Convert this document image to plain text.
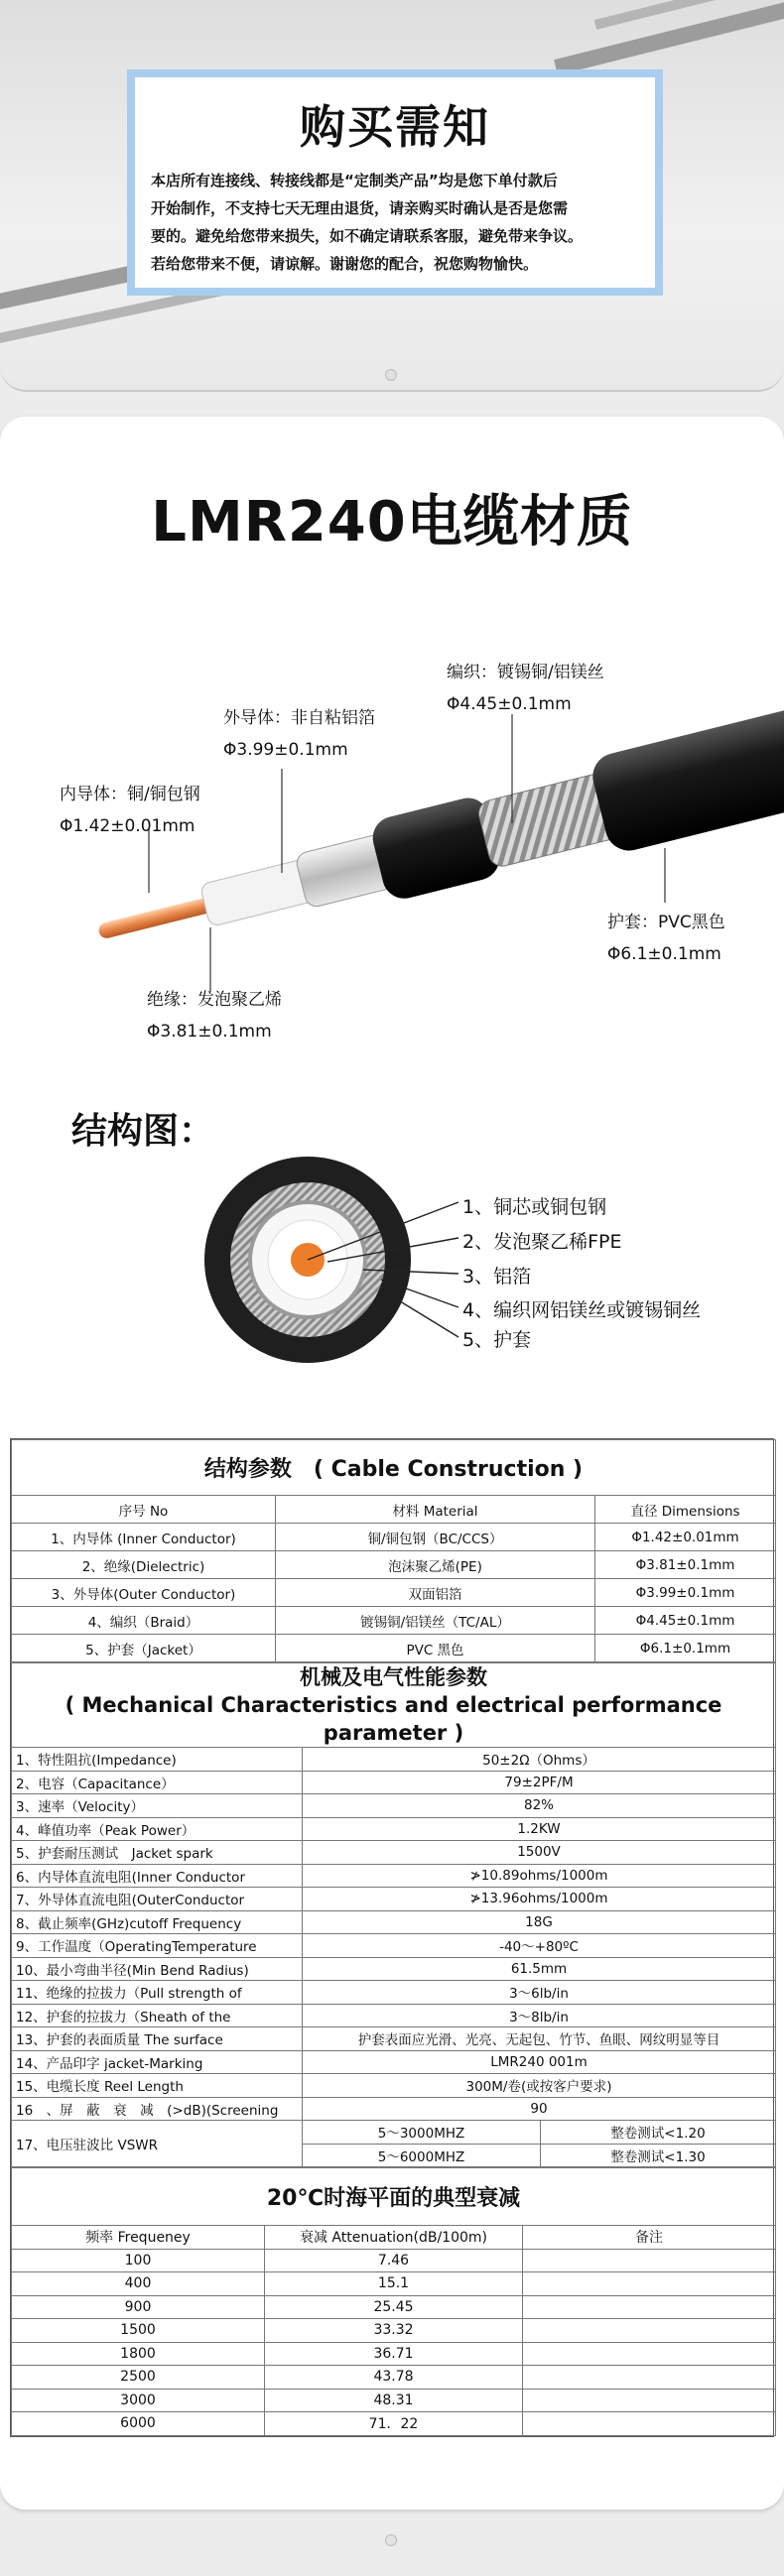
购买需知
本店所有连接线、转接线都是“定制类产品”均是您下单付款后
开始制作，不支持七天无理由退货，请亲购买时确认是否是您需
要的。避免给您带来损失，如不确定请联系客服，避免带来争议。
若给您带来不便，请谅解。谢谢您的配合，祝您购物愉快。
LMR240电缆材质
编织：镀锡铜/铝镁丝
Φ4.45±0.1mm
外导体：非自粘铝箔
Φ3.99±0.1mm
内导体：铜/铜包钢
Φ1.42±0.01mm
护套：PVC黑色
Φ6.1±0.1mm
绝缘：发泡聚乙烯
Φ3.81±0.1mm
结构图：
1、铜芯或铜包钢
2、发泡聚乙稀FPE
3、铝箔
4、编织网铝镁丝或镀锡铜丝
5、护套
结构参数　( Cable Construction )		
序号 No	材料 Material	直径 Dimensions
1、内导体 (Inner Conductor)	铜/铜包钢（BC/CCS）	Φ1.42±0.01mm
2、绝缘(Dielectric)	泡沫聚乙烯(PE)	Φ3.81±0.1mm
3、外导体(Outer Conductor)	双面铝箔	Φ3.99±0.1mm
4、编织（Braid）	镀锡铜/铝镁丝（TC/AL）	Φ4.45±0.1mm
5、护套（Jacket）	PVC 黑色	Φ6.1±0.1mm
机械及电气性能参数
( Mechanical Characteristics and electrical performance parameter )		

1、特性阻抗(Impedance)	50±2Ω（Ohms）	
2、电容（Capacitance）	79±2PF/M	
3、速率（Velocity）	82%	
4、峰值功率（Peak Power）	1.2KW	
5、护套耐压测试　Jacket spark	1500V	
6、内导体直流电阻(Inner Conductor	≯10.89ohms/1000m	
7、外导体直流电阻(OuterConductor	≯13.96ohms/1000m	
8、截止频率(GHz)cutoff Frequency	18G	
9、工作温度（OperatingTemperature	-40～+80ºC	
10、最小弯曲半径(Min Bend Radius)	61.5mm	
11、绝缘的拉拔力（Pull strength of	3～6lb/in	
12、护套的拉拔力（Sheath of the	3～8lb/in	
13、护套的表面质量 The surface	护套表面应光滑、光亮、无起包、竹节、鱼眼、网纹明显等目	
14、产品印字 jacket-Marking	LMR240 001m	
15、电缆长度 Reel Length	300M/卷(或按客户要求)	
16　、屏　蔽　衰　减　(>dB)(Screening	90	
17、电压驻波比 VSWR	5～3000MHZ	整卷测试<1.20
	5～6000MHZ	整卷测试<1.30
20℃时海平面的典型衰减		
频率 Frequeney	衰减 Attenuation(dB/100m)	备注
100	7.46	
400	15.1	
900	25.45	
1500	33.32	
1800	36.71	
2500	43.78	
3000	48.31	
6000	71．22	
